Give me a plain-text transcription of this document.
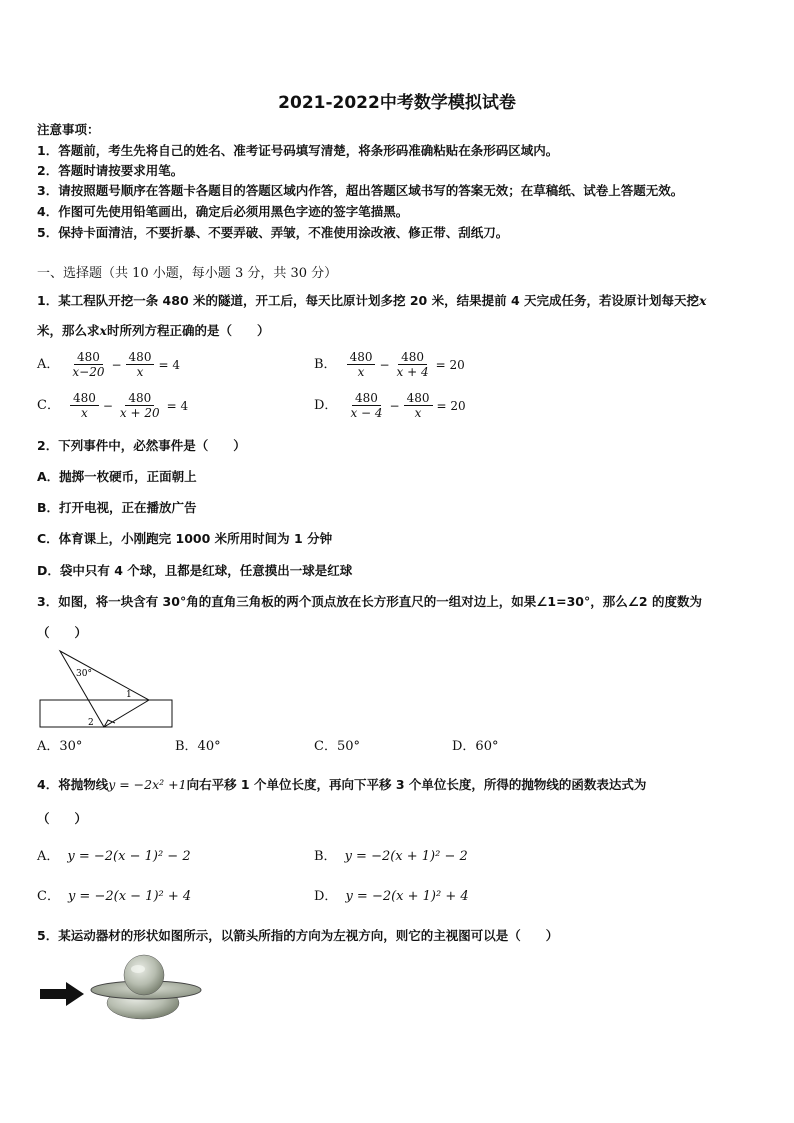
2021-2022中考数学模拟试卷
注意事项：
1．答题前，考生先将自己的姓名、准考证号码填写清楚，将条形码准确粘贴在条形码区域内。
2．答题时请按要求用笔。
3．请按照题号顺序在答题卡各题目的答题区域内作答，超出答题区域书写的答案无效；在草稿纸、试卷上答题无效。
4．作图可先使用铅笔画出，确定后必须用黑色字迹的签字笔描黑。
5．保持卡面清洁，不要折暴、不要弄破、弄皱，不准使用涂改液、修正带、刮纸刀。
一、选择题（共 10 小题，每小题 3 分，共 30 分）
1．某工程队开挖一条 480 米的隧道，开工后，每天比原计划多挖 20 米，结果提前 4 天完成任务，若设原计划每天挖x
米，那么求x时所列方程正确的是（　　）
A． $\frac{480}{x-20} - \frac{480}{x} = 4$	B． $\frac{480}{x} - \frac{480}{x + 4} = 20$
C． $\frac{480}{x} - \frac{480}{x + 20} = 4$	D． $\frac{480}{x - 4} - \frac{480}{x} = 20$
2．下列事件中，必然事件是（　　）
A．抛掷一枚硬币，正面朝上
B．打开电视，正在播放广告
C．体育课上，小刚跑完 1000 米所用时间为 1 分钟
D．袋中只有 4 个球，且都是红球，任意摸出一球是红球
3．如图，将一块含有 30°角的直角三角板的两个顶点放在长方形直尺的一组对边上，如果∠1=30°，那么∠2 的度数为
（　　）
30°
1
2
A．30°	B．40°	C．50°	D．60°
4．将抛物线y = −2x² +1向右平移 1 个单位长度，再向下平移 3 个单位长度，所得的抛物线的函数表达式为
（　　）
A． y = −2(x − 1)² − 2	B． y = −2(x + 1)² − 2
C． y = −2(x − 1)² + 4	D． y = −2(x + 1)² + 4
5．某运动器材的形状如图所示，以箭头所指的方向为左视方向，则它的主视图可以是（　　）
